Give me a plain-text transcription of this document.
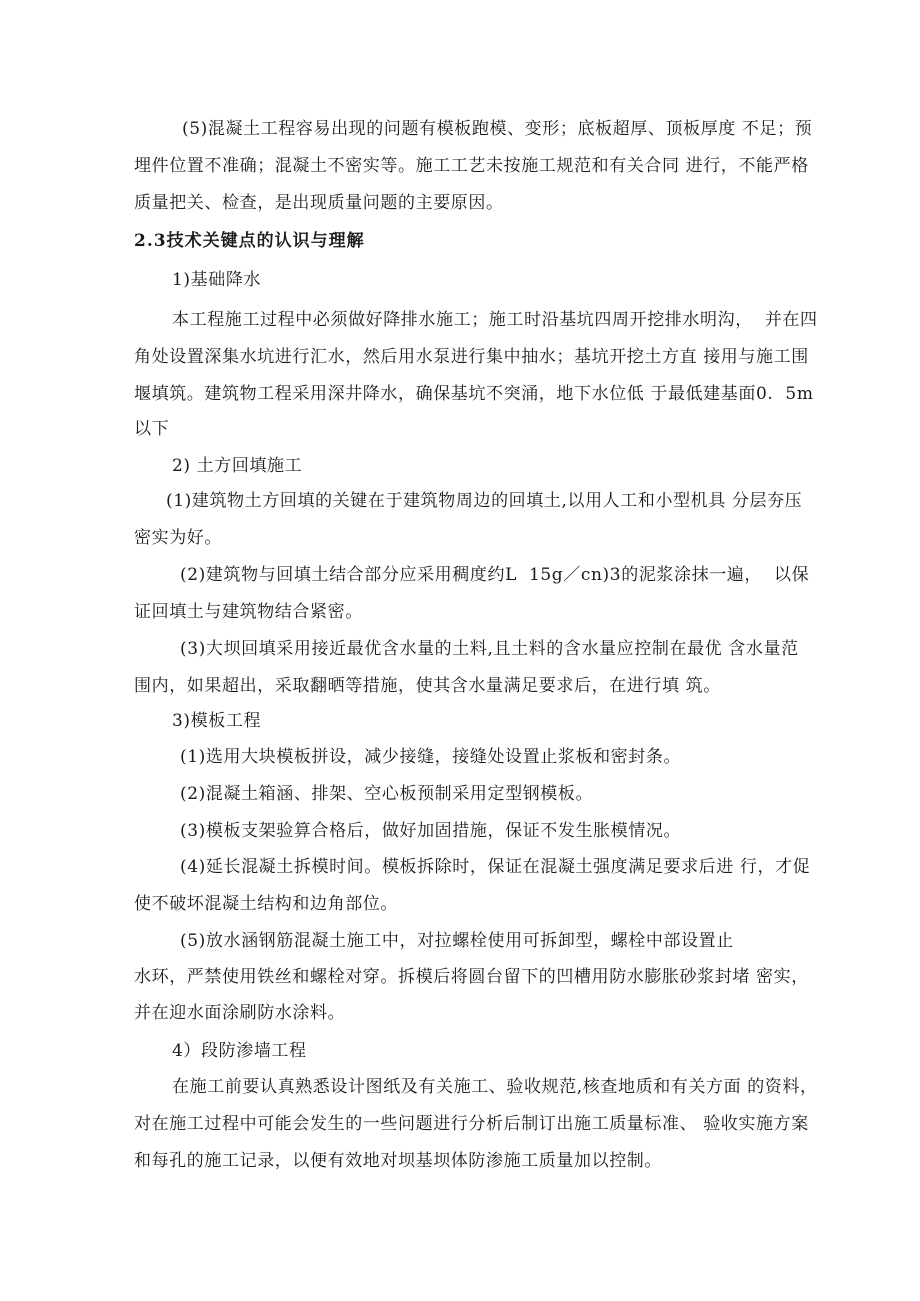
(5)混凝土工程容易出现的问题有模板跑模、变形；底板超厚、顶板厚度 不足；预
埋件位置不准确；混凝土不密实等。施工工艺未按施工规范和有关合同 进行，不能严格
质量把关、检查，是出现质量问题的主要原因。
2.3技术关键点的认识与理解
1)基础降水
本工程施工过程中必须做好降排水施工；施工时沿基坑四周开挖排水明沟，  并在四
角处设置深集水坑进行汇水，然后用水泵进行集中抽水；基坑开挖土方直 接用与施工围
堰填筑。建筑物工程采用深井降水，确保基坑不突涌，地下水位低 于最低建基面0.  5m
以下
2) 土方回填施工
(1)建筑物土方回填的关键在于建筑物周边的回填土,以用人工和小型机具 分层夯压
密实为好。
(2)建筑物与回填土结合部分应采用稠度约L  15g／cn)3的泥浆涂抹一遍，  以保
证回填土与建筑物结合紧密。
(3)大坝回填采用接近最优含水量的土料,且土料的含水量应控制在最优 含水量范
围内，如果超出，采取翻晒等措施，使其含水量满足要求后，在进行填 筑。
3)模板工程
(1)选用大块模板拼设，减少接缝，接缝处设置止浆板和密封条。
(2)混凝土箱涵、排架、空心板预制采用定型钢模板。
(3)模板支架验算合格后，做好加固措施，保证不发生胀模情况。
(4)延长混凝土拆模时间。模板拆除时，保证在混凝土强度满足要求后进 行，才促
使不破坏混凝土结构和边角部位。
(5)放水涵钢筋混凝土施工中，对拉螺栓使用可拆卸型，螺栓中部设置止
水环，严禁使用铁丝和螺栓对穿。拆模后将圆台留下的凹槽用防水膨胀砂浆封堵 密实，
并在迎水面涂刷防水涂料。
4）段防渗墙工程
在施工前要认真熟悉设计图纸及有关施工、验收规范,核查地质和有关方面 的资料，
对在施工过程中可能会发生的一些问题进行分析后制订出施工质量标准、 验收实施方案
和每孔的施工记录，以便有效地对坝基坝体防渗施工质量加以控制。
